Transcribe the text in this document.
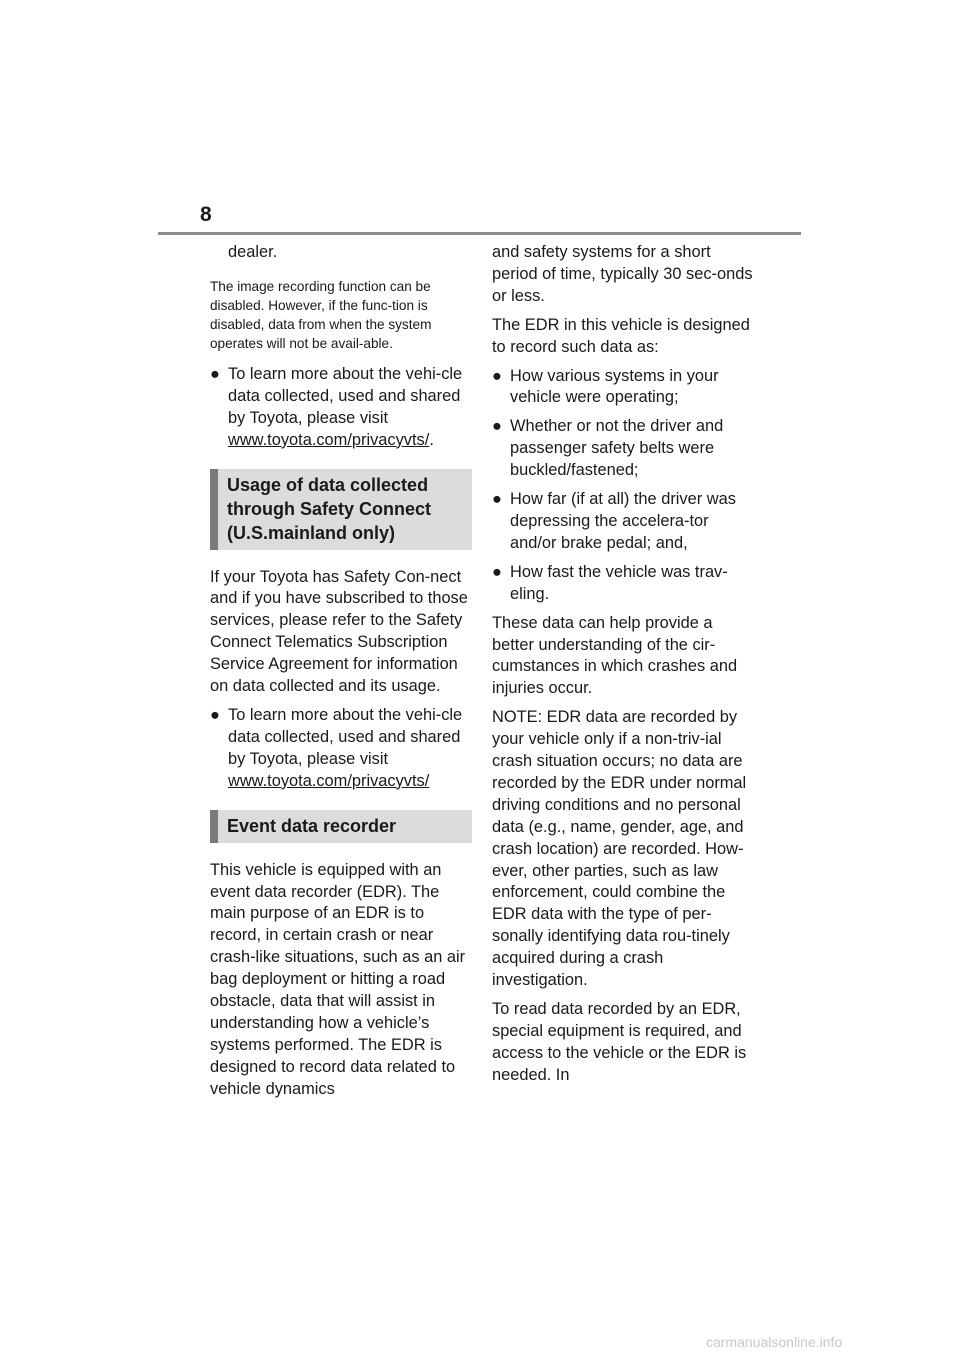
8

dealer.

The image recording function can be disabled. However, if the func-tion is disabled, data from when the system operates will not be avail-able.

● To learn more about the vehi-cle data collected, used and shared by Toyota, please visit www.toyota.com/privacyvts/.
Usage of data collected through Safety Connect (U.S.mainland only)

If your Toyota has Safety Con-nect and if you have subscribed to those services, please refer to the Safety Connect Telematics Subscription Service Agreement for information on data collected and its usage.

● To learn more about the vehi-cle data collected, used and shared by Toyota, please visit www.toyota.com/privacyvts/
Event data recorder

This vehicle is equipped with an event data recorder (EDR). The main purpose of an EDR is to record, in certain crash or near crash-like situations, such as an air bag deployment or hitting a road obstacle, data that will assist in understanding how a vehicle’s systems performed. The EDR is designed to record data related to vehicle dynamics

and safety systems for a short period of time, typically 30 sec-onds or less.

The EDR in this vehicle is designed to record such data as:

● How various systems in your vehicle were operating;
● Whether or not the driver and passenger safety belts were buckled/fastened;
● How far (if at all) the driver was depressing the accelera-tor and/or brake pedal; and,
● How fast the vehicle was trav-eling.

These data can help provide a better understanding of the cir-cumstances in which crashes and injuries occur.

NOTE: EDR data are recorded by your vehicle only if a non-triv-ial crash situation occurs; no data are recorded by the EDR under normal driving conditions and no personal data (e.g., name, gender, age, and crash location) are recorded. How-ever, other parties, such as law enforcement, could combine the EDR data with the type of per-sonally identifying data rou-tinely acquired during a crash investigation.

To read data recorded by an EDR, special equipment is required, and access to the vehicle or the EDR is needed. In

carmanualsonline.info
